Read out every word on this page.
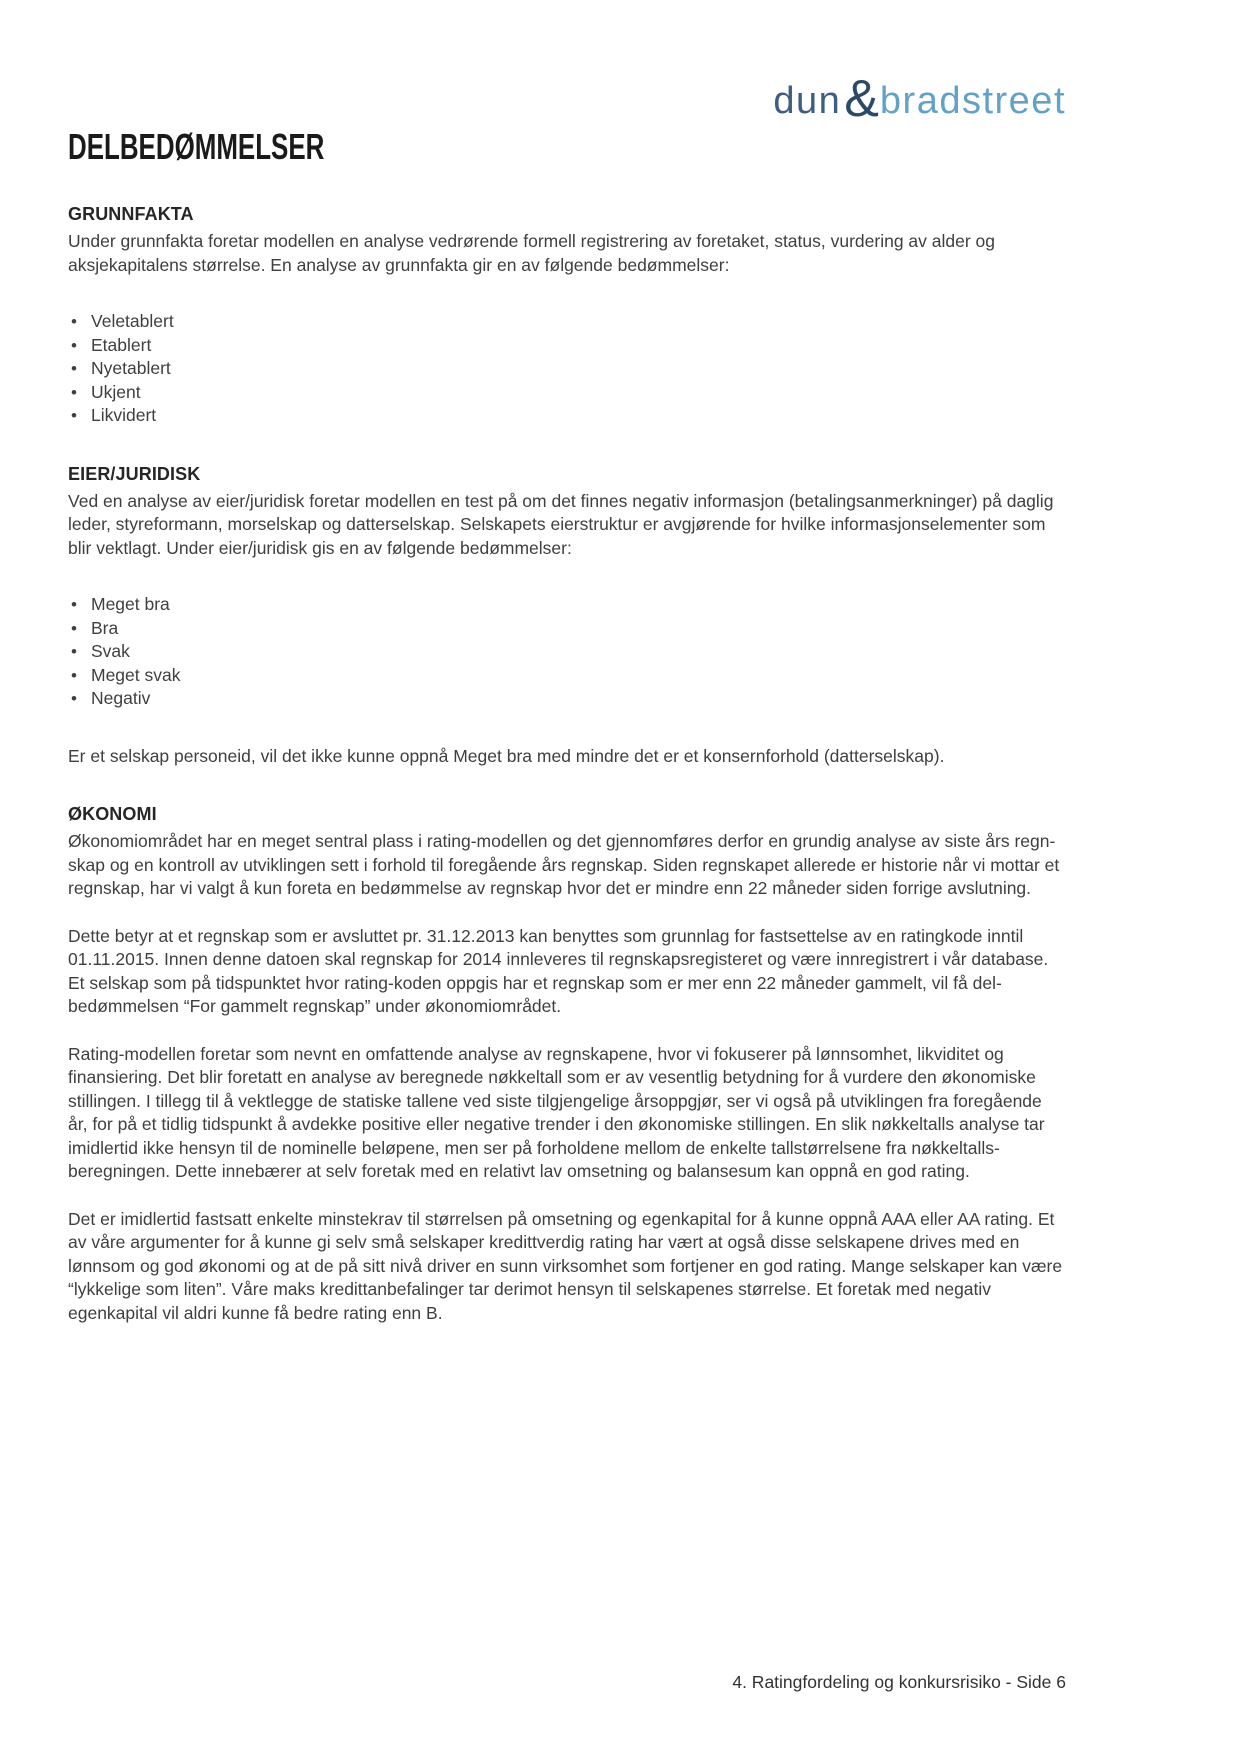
dun & bradstreet
DELBEDØMMELSER
GRUNNFAKTA

Under grunnfakta foretar modellen en analyse vedrørende formell registrering av foretaket, status, vurdering av alder og aksjekapitalens størrelse. En analyse av grunnfakta gir en av følgende bedømmelser:

•
Veletablert
•
Etablert
•
Nyetablert
•
Ukjent
•
Likvidert
EIER/JURIDISK

Ved en analyse av eier/juridisk foretar modellen en test på om det finnes negativ informasjon (betalingsanmerkninger) på daglig leder, styreformann, morselskap og datterselskap. Selskapets eierstruktur er avgjørende for hvilke informasjonselementer som blir vektlagt. Under eier/juridisk gis en av følgende bedømmelser:

•
Meget bra
•
Bra
•
Svak
•
Meget svak
•
Negativ

Er et selskap personeid, vil det ikke kunne oppnå Meget bra med mindre det er et konsernforhold (datterselskap).

ØKONOMI

Økonomiområdet har en meget sentral plass i rating-modellen og det gjennomføres derfor en grundig analyse av siste års regn- skap og en kontroll av utviklingen sett i forhold til foregående års regnskap. Siden regnskapet allerede er historie når vi mottar et regnskap, har vi valgt å kun foreta en bedømmelse av regnskap hvor det er mindre enn 22 måneder siden forrige avslutning.

Dette betyr at et regnskap som er avsluttet pr. 31.12.2013 kan benyttes som grunnlag for fastsettelse av en ratingkode inntil 01.11.2015. Innen denne datoen skal regnskap for 2014 innleveres til regnskapsregisteret og være innregistrert i vår database. Et selskap som på tidspunktet hvor rating-koden oppgis har et regnskap som er mer enn 22 måneder gammelt, vil få del- bedømmelsen “For gammelt regnskap” under økonomiområdet.

Rating-modellen foretar som nevnt en omfattende analyse av regnskapene, hvor vi fokuserer på lønnsomhet, likviditet og finansiering. Det blir foretatt en analyse av beregnede nøkkeltall som er av vesentlig betydning for å vurdere den økonomiske stillingen. I tillegg til å vektlegge de statiske tallene ved siste tilgjengelige årsoppgjør, ser vi også på utviklingen fra foregående år, for på et tidlig tidspunkt å avdekke positive eller negative trender i den økonomiske stillingen. En slik nøkkeltalls analyse tar imidlertid ikke hensyn til de nominelle beløpene, men ser på forholdene mellom de enkelte tallstørrelsene fra nøkkeltalls- beregningen. Dette innebærer at selv foretak med en relativt lav omsetning og balansesum kan oppnå en god rating.

Det er imidlertid fastsatt enkelte minstekrav til størrelsen på omsetning og egenkapital for å kunne oppnå AAA eller AA rating. Et av våre argumenter for å kunne gi selv små selskaper kredittverdig rating har vært at også disse selskapene drives med en lønnsom og god økonomi og at de på sitt nivå driver en sunn virksomhet som fortjener en god rating. Mange selskaper kan være “lykkelige som liten”. Våre maks kredittanbefalinger tar derimot hensyn til selskapenes størrelse. Et foretak med negativ egenkapital vil aldri kunne få bedre rating enn B.

4. Ratingfordeling og konkursrisiko - Side 6
